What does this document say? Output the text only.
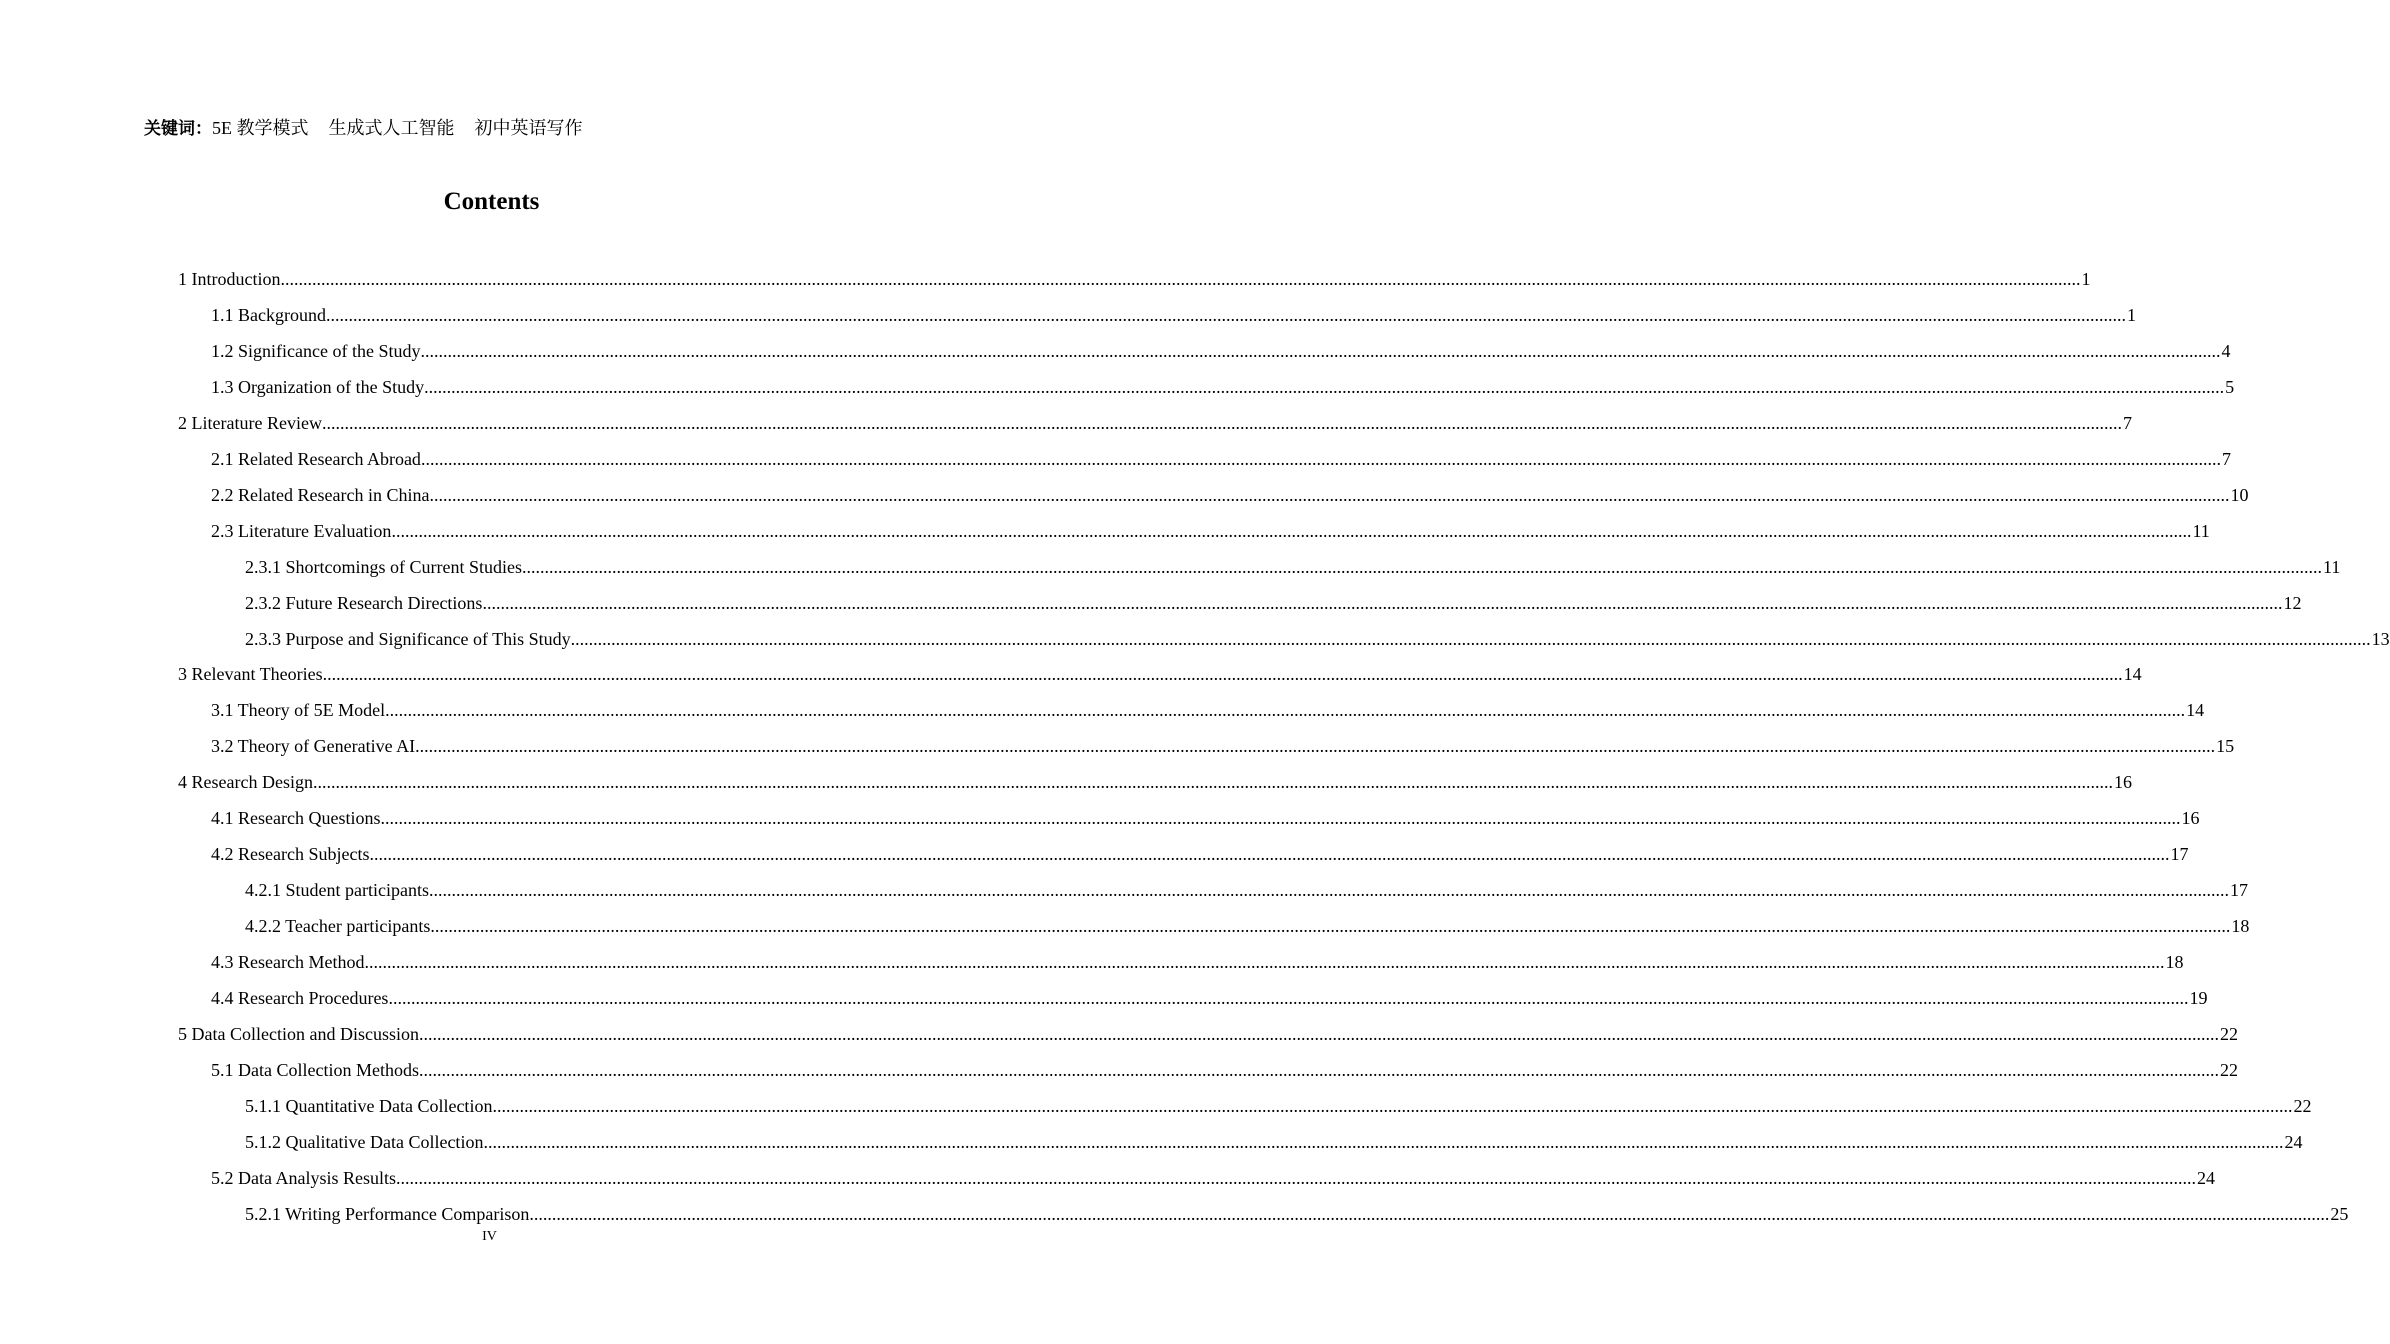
关键词：5E 教学模式 生成式人工智能 初中英语写作
Contents
1 Introduction ................................................................................................................................................................................................................................................................................................................................................................................................................ 1
1.1 Background ................................................................................................................................................................................................................................................................................................................................................................................................................ 1
1.2 Significance of the Study ................................................................................................................................................................................................................................................................................................................................................................................................................ 4
1.3 Organization of the Study ................................................................................................................................................................................................................................................................................................................................................................................................................ 5
2 Literature Review ................................................................................................................................................................................................................................................................................................................................................................................................................ 7
2.1 Related Research Abroad ................................................................................................................................................................................................................................................................................................................................................................................................................ 7
2.2 Related Research in China ................................................................................................................................................................................................................................................................................................................................................................................................................ 10
2.3 Literature Evaluation ................................................................................................................................................................................................................................................................................................................................................................................................................ 11
2.3.1 Shortcomings of Current Studies ................................................................................................................................................................................................................................................................................................................................................................................................................ 11
2.3.2 Future Research Directions ................................................................................................................................................................................................................................................................................................................................................................................................................ 12
2.3.3 Purpose and Significance of This Study ................................................................................................................................................................................................................................................................................................................................................................................................................ 13
3 Relevant Theories ................................................................................................................................................................................................................................................................................................................................................................................................................ 14
3.1 Theory of 5E Model ................................................................................................................................................................................................................................................................................................................................................................................................................ 14
3.2 Theory of Generative AI ................................................................................................................................................................................................................................................................................................................................................................................................................ 15
4 Research Design ................................................................................................................................................................................................................................................................................................................................................................................................................ 16
4.1 Research Questions ................................................................................................................................................................................................................................................................................................................................................................................................................ 16
4.2 Research Subjects ................................................................................................................................................................................................................................................................................................................................................................................................................ 17
4.2.1 Student participants ................................................................................................................................................................................................................................................................................................................................................................................................................ 17
4.2.2 Teacher participants ................................................................................................................................................................................................................................................................................................................................................................................................................ 18
4.3 Research Method ................................................................................................................................................................................................................................................................................................................................................................................................................ 18
4.4 Research Procedures ................................................................................................................................................................................................................................................................................................................................................................................................................ 19
5 Data Collection and Discussion ................................................................................................................................................................................................................................................................................................................................................................................................................ 22
5.1 Data Collection Methods ................................................................................................................................................................................................................................................................................................................................................................................................................ 22
5.1.1 Quantitative Data Collection ................................................................................................................................................................................................................................................................................................................................................................................................................ 22
5.1.2 Qualitative Data Collection ................................................................................................................................................................................................................................................................................................................................................................................................................ 24
5.2 Data Analysis Results ................................................................................................................................................................................................................................................................................................................................................................................................................ 24
5.2.1 Writing Performance Comparison ................................................................................................................................................................................................................................................................................................................................................................................................................ 25
IV
